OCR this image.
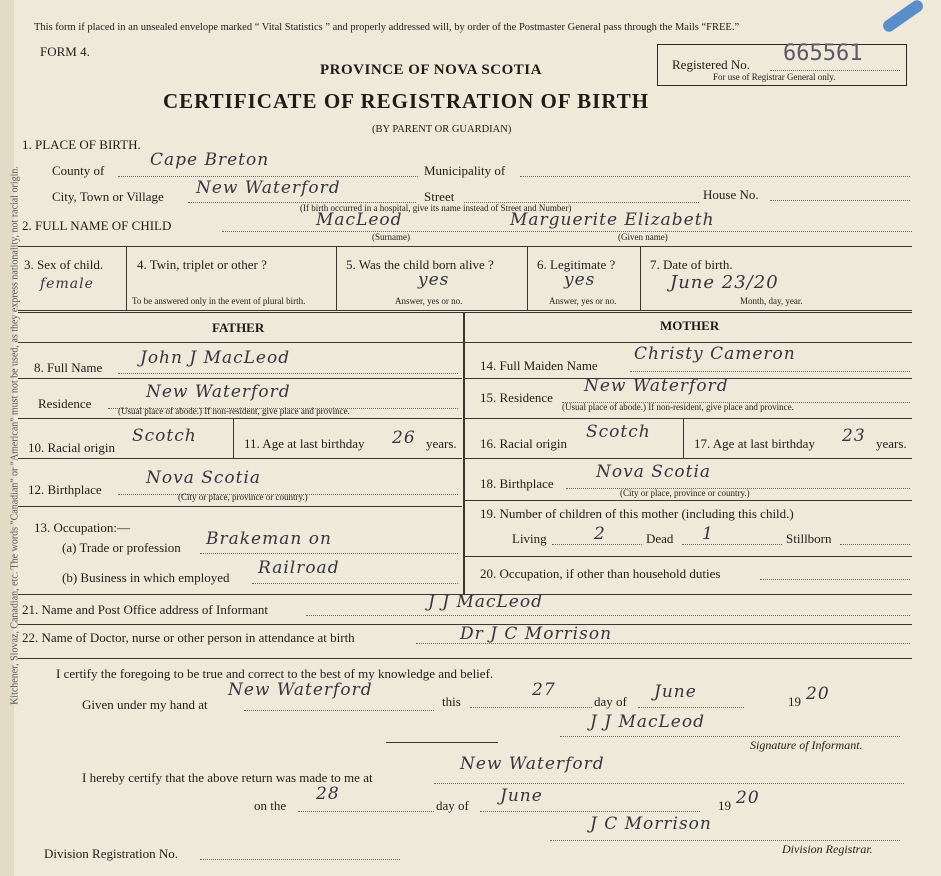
Kitchener, Slovaz, Canadian, etc. The words "Canadian" or "American" must not be used, as they express nationality, not racial origin.
This form if placed in an unsealed envelope marked “ Vital Statistics ” and properly addressed will, by order of the Postmaster General pass through the Mails “FREE.”
FORM 4.
PROVINCE OF NOVA SCOTIA
CERTIFICATE OF REGISTRATION OF BIRTH
(BY PARENT OR GUARDIAN)
Registered No.
For use of Registrar General only.
665561
1. PLACE OF BIRTH.
County of
Cape Breton
Municipality of
City, Town or Village New Waterford	Street	House No.
(If birth occurred in a hospital, give its name instead of Street and Number)
2. FULL NAME OF CHILD	MacLeod	Marguerite Elizabeth
(Surname)	(Given name)
3. Sex of child.
female
4. Twin, triplet or other ?
To be answered only in the event of plural birth.
5. Was the child born alive ?
yes
Answer, yes or no.
6. Legitimate ?
yes
Answer, yes or no.
7. Date of birth.
June 23/20
Month, day, year.
FATHER	MOTHER
8. Full Name John J MacLeod
Residence
New Waterford
(Usual place of abode.) If non-resident, give place and province.
10. Racial origin
Scotch	11. Age at last birthday 26 years.
12. Birthplace
Nova Scotia
(City or place, province or country.)
13. Occupation:—
(a) Trade or profession Brakeman on
(b) Business in which employed Railroad
14. Full Maiden Name
Christy Cameron
15. Residence
New Waterford
(Usual place of abode.) If non-resident, give place and province.
16. Racial origin
Scotch
17. Age at last birthday 23 years.
18. Birthplace
Nova Scotia
(City or place, province or country.)
19. Number of children of this mother (including this child.)
Living	2	Dead 1	Stillborn
20. Occupation, if other than household duties
21. Name and Post Office address of Informant	J J MacLeod
22. Name of Doctor, nurse or other person in attendance at birth	Dr J C Morrison
I certify the foregoing to be true and correct to the best of my knowledge and belief.
Given under my hand at
New Waterford
this
27
day of June	19 20
J J MacLeod
Signature of Informant.
I hereby certify that the above return was made to me at
New Waterford
on the
28
day of June	19 20
Division Registration No.
J C Morrison
Division Registrar.
